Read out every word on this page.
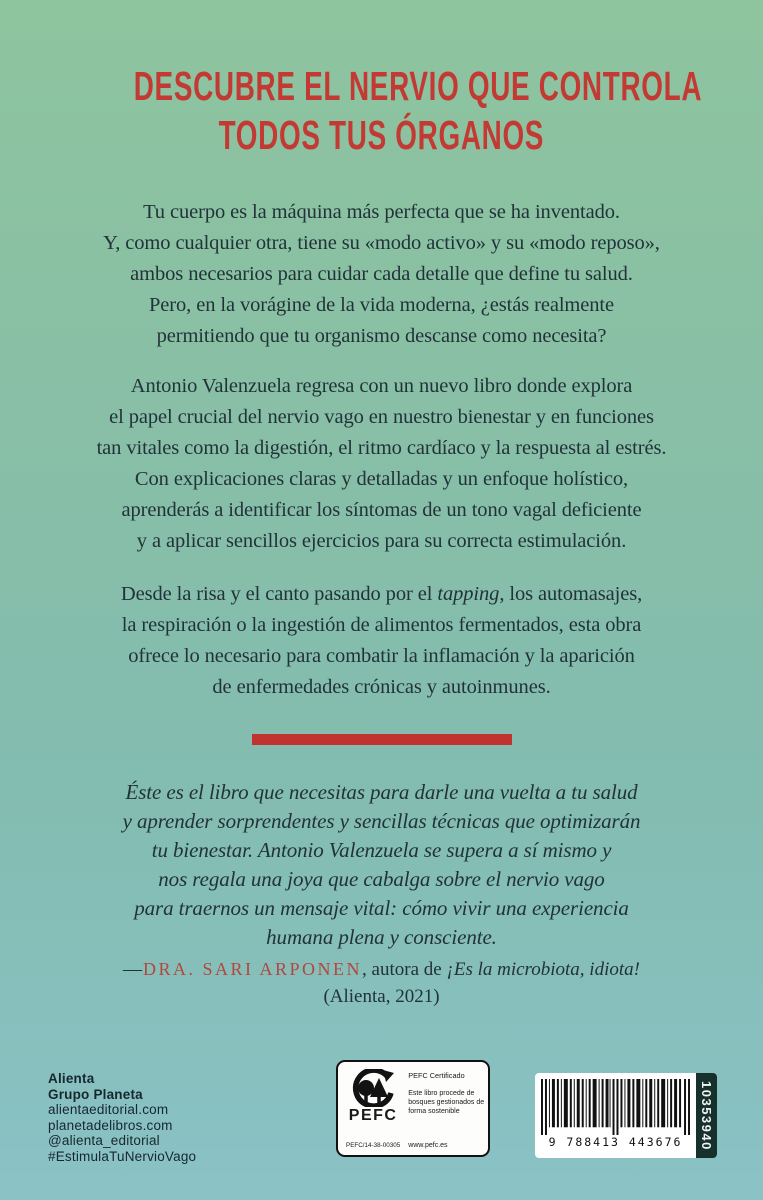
DESCUBRE EL NERVIO QUE CONTROLA
TODOS TUS ÓRGANOS
Tu cuerpo es la máquina más perfecta que se ha inventado.
Y, como cualquier otra, tiene su «modo activo» y su «modo reposo»,
ambos necesarios para cuidar cada detalle que define tu salud.
Pero, en la vorágine de la vida moderna, ¿estás realmente
permitiendo que tu organismo descanse como necesita?
Antonio Valenzuela regresa con un nuevo libro donde explora
el papel crucial del nervio vago en nuestro bienestar y en funciones
tan vitales como la digestión, el ritmo cardíaco y la respuesta al estrés.
Con explicaciones claras y detalladas y un enfoque holístico,
aprenderás a identificar los síntomas de un tono vagal deficiente
y a aplicar sencillos ejercicios para su correcta estimulación.
Desde la risa y el canto pasando por el tapping, los automasajes,
la respiración o la ingestión de alimentos fermentados, esta obra
ofrece lo necesario para combatir la inflamación y la aparición
de enfermedades crónicas y autoinmunes.
Éste es el libro que necesitas para darle una vuelta a tu salud
y aprender sorprendentes y sencillas técnicas que optimizarán
tu bienestar. Antonio Valenzuela se supera a sí mismo y
nos regala una joya que cabalga sobre el nervio vago
para traernos un mensaje vital: cómo vivir una experiencia
humana plena y consciente.
—DRA. SARI ARPONEN, autora de ¡Es la microbiota, idiota!
(Alienta, 2021)
Alienta
Grupo Planeta
alientaeditorial.com
planetadelibros.com
@alienta_editorial
#EstimulaTuNervioVago
PEFC
PEFC/14-38-00305
PEFC Certificado
Este libro procede de bosques gestionados de forma sostenible
www.pefc.es	9 788413 443676 10353940
